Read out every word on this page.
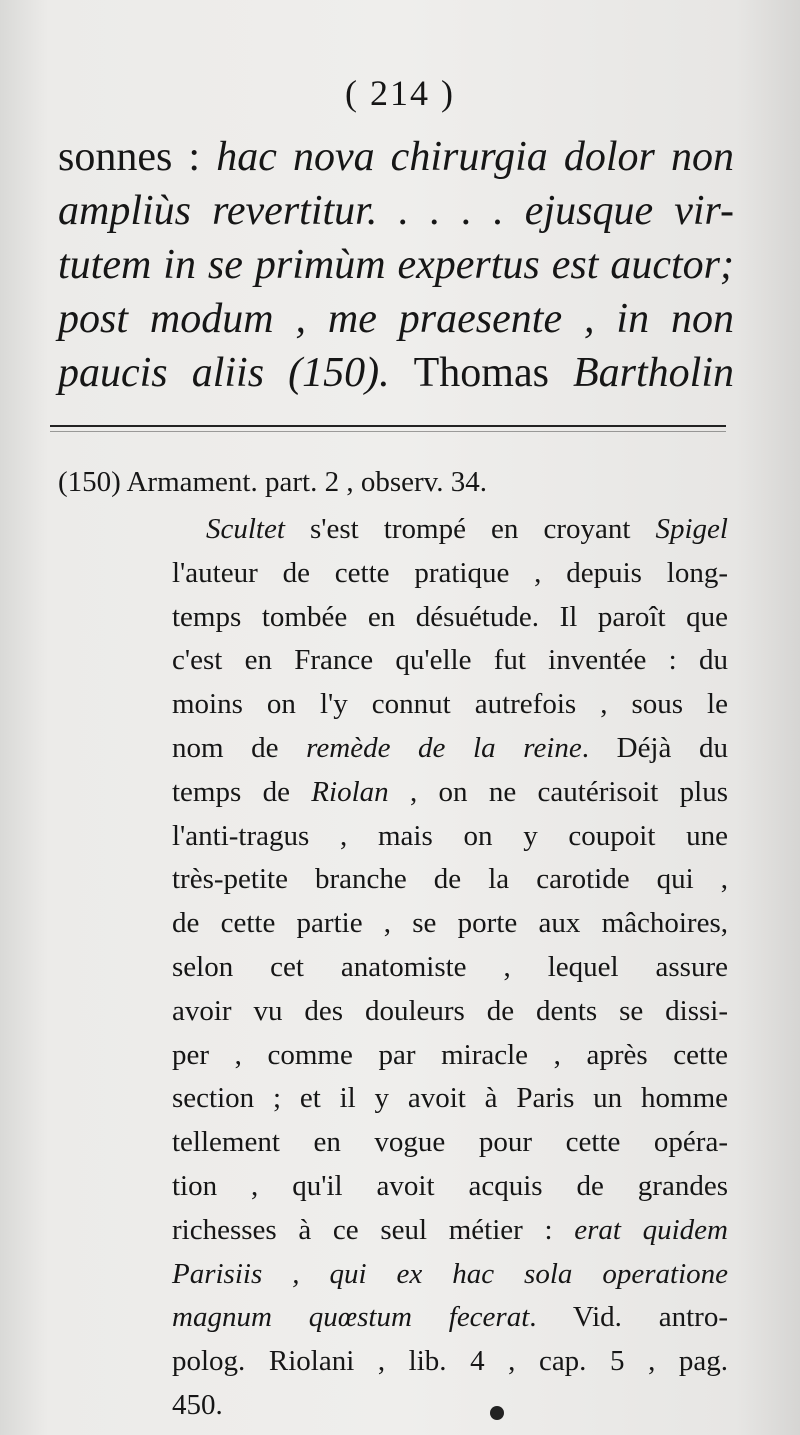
( 214 )
sonnes : hac nova chirurgia dolor non
ampliùs revertitur. . . . . ejusque vir-
tutem in se primùm expertus est auctor;
post modum , me praesente , in non
paucis aliis (150). Thomas Bartholin
(150) Armament. part. 2 , observ. 34.
Scultet s'est trompé en croyant Spigel
l'auteur de cette pratique , depuis long-
temps tombée en désuétude. Il paroît que
c'est en France qu'elle fut inventée : du
moins on l'y connut autrefois , sous le
nom de remède de la reine. Déjà du
temps de Riolan , on ne cautérisoit plus
l'anti-tragus , mais on y coupoit une
très-petite branche de la carotide qui ,
de cette partie , se porte aux mâchoires,
selon cet anatomiste , lequel assure
avoir vu des douleurs de dents se dissi-
per , comme par miracle , après cette
section ; et il y avoit à Paris un homme
tellement en vogue pour cette opéra-
tion , qu'il avoit acquis de grandes
richesses à ce seul métier : erat quidem
Parisiis , qui ex hac sola operatione
magnum quœstum fecerat. Vid. antro-
polog. Riolani , lib. 4 , cap. 5 , pag.
450.
